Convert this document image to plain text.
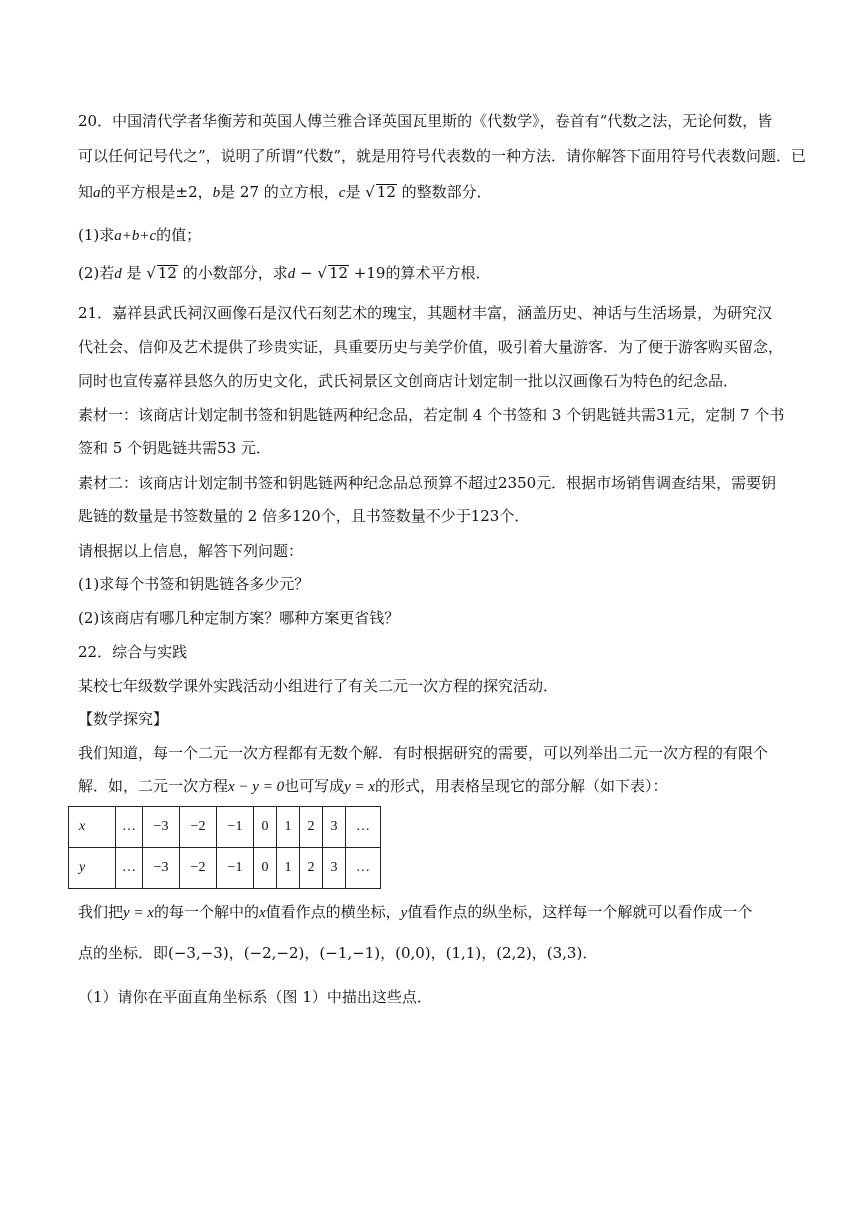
20．中国清代学者华衡芳和英国人傅兰雅合译英国瓦里斯的《代数学》，卷首有“代数之法，无论何数，皆
可以任何记号代之”，说明了所谓“代数”，就是用符号代表数的一种方法．请你解答下面用符号代表数问题．已
知a的平方根是±2，b是 27 的立方根，c是 √ 12 的整数部分．
(1)求a+b+c的值；
(2)若d 是 √ 12 的小数部分，求d − √ 12 +19的算术平方根．
21．嘉祥县武氏祠汉画像石是汉代石刻艺术的瑰宝，其题材丰富，涵盖历史、神话与生活场景，为研究汉
代社会、信仰及艺术提供了珍贵实证，具重要历史与美学价值，吸引着大量游客．为了便于游客购买留念，
同时也宣传嘉祥县悠久的历史文化，武氏祠景区文创商店计划定制一批以汉画像石为特色的纪念品．
素材一：该商店计划定制书签和钥匙链两种纪念品，若定制 4 个书签和 3 个钥匙链共需31元，定制 7 个书
签和 5 个钥匙链共需53 元．
素材二：该商店计划定制书签和钥匙链两种纪念品总预算不超过2350元．根据市场销售调查结果，需要钥
匙链的数量是书签数量的 2 倍多120个，且书签数量不少于123个．
请根据以上信息，解答下列问题：
(1)求每个书签和钥匙链各多少元？
(2)该商店有哪几种定制方案？哪种方案更省钱？
22．综合与实践
某校七年级数学课外实践活动小组进行了有关二元一次方程的探究活动．
【数学探究】
我们知道，每一个二元一次方程都有无数个解．有时根据研究的需要，可以列举出二元一次方程的有限个
解．如，二元一次方程x − y = 0也可写成y = x的形式，用表格呈现它的部分解（如下表）：
x	…	−3	−2	−1	0	1	2	3	…
y	…	−3	−2	−1	0	1	2	3	…
我们把y = x的每一个解中的x值看作点的横坐标，y值看作点的纵坐标，这样每一个解就可以看作成一个
点的坐标．即(−3,−3)，(−2,−2)，(−1,−1)，(0,0)，(1,1)，(2,2)，(3,3)．
（1）请你在平面直角坐标系（图 1）中描出这些点．
